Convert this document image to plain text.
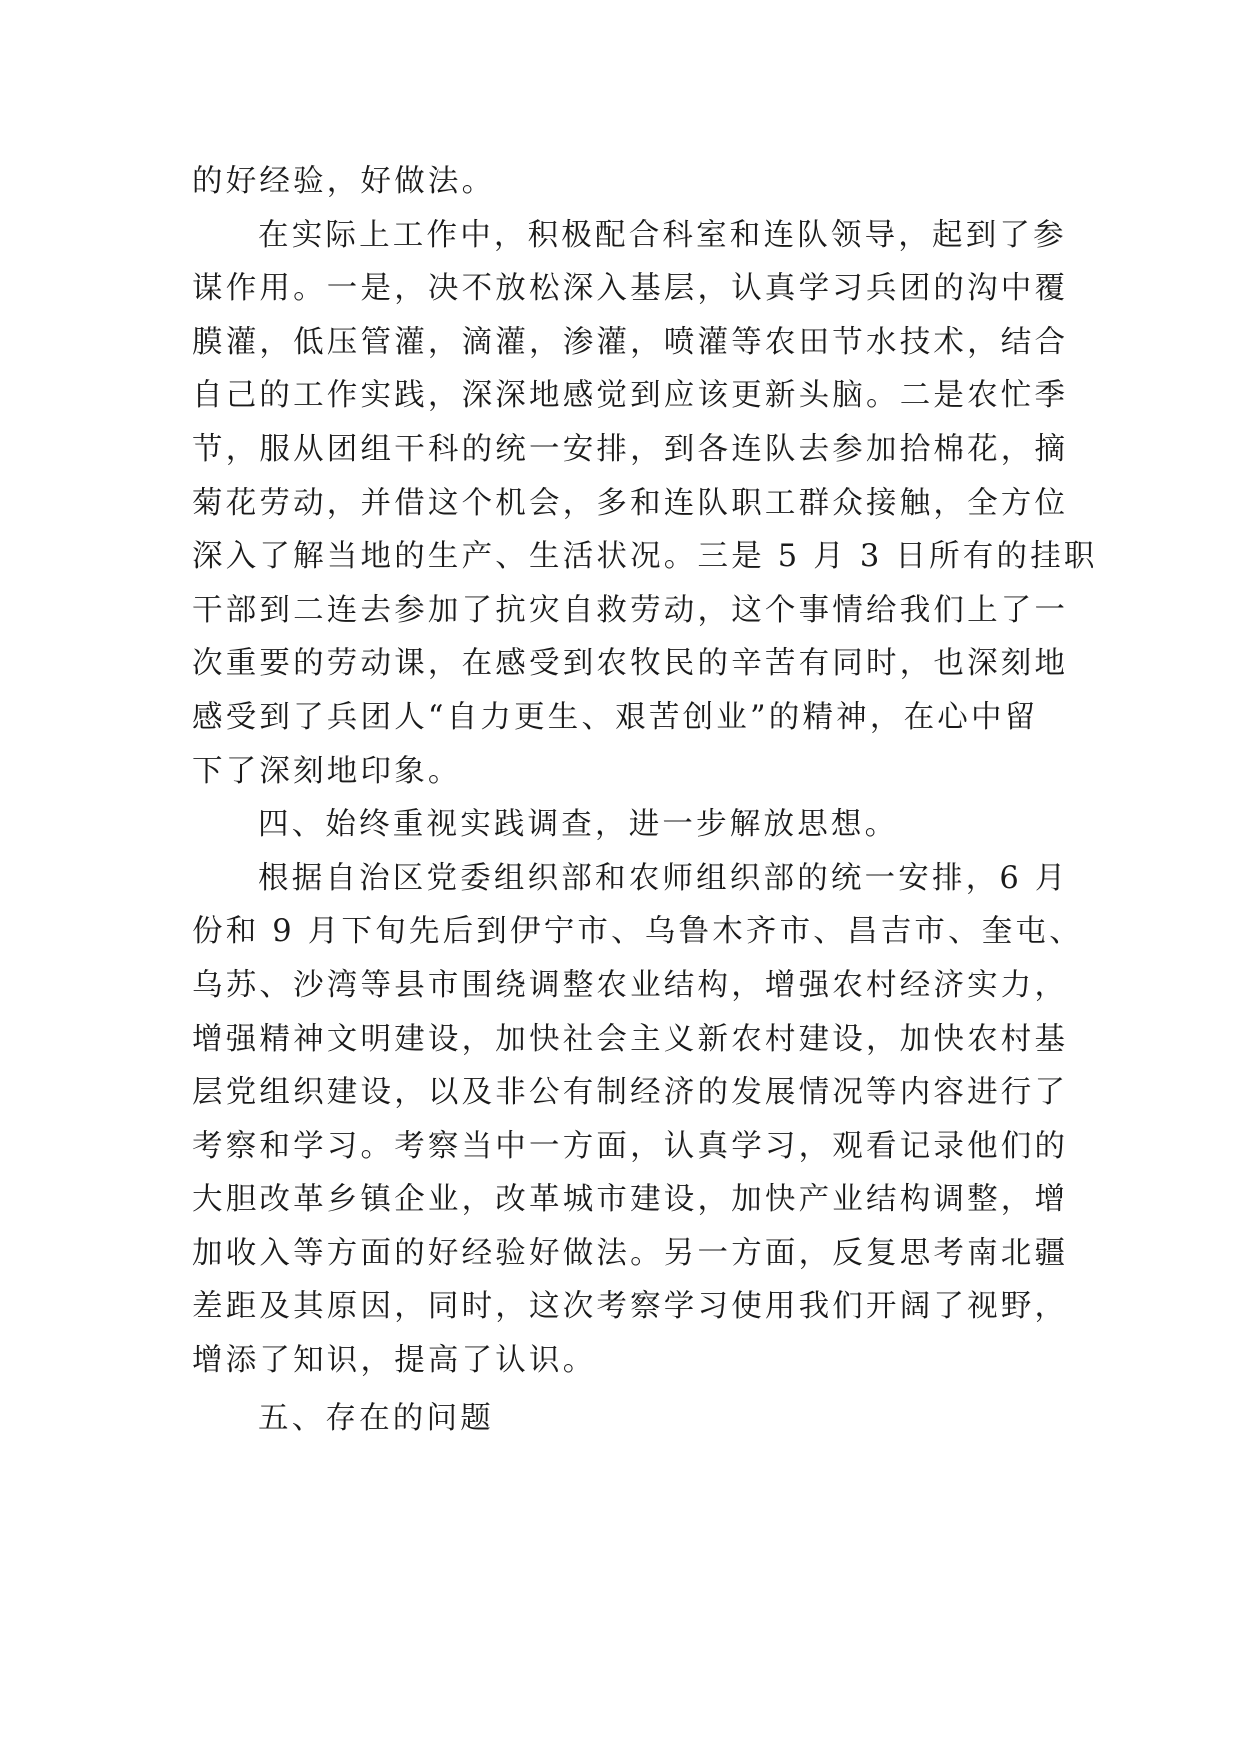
的好经验，好做法。
在实际上工作中，积极配合科室和连队领导，起到了参
谋作用。一是，决不放松深入基层，认真学习兵团的沟中覆
膜灌，低压管灌，滴灌，渗灌，喷灌等农田节水技术，结合
自己的工作实践，深深地感觉到应该更新头脑。二是农忙季
节，服从团组干科的统一安排，到各连队去参加拾棉花，摘
菊花劳动，并借这个机会，多和连队职工群众接触，全方位
深入了解当地的生产、生活状况。三是 5 月 3 日所有的挂职
干部到二连去参加了抗灾自救劳动，这个事情给我们上了一
次重要的劳动课，在感受到农牧民的辛苦有同时，也深刻地
感受到了兵团人“自力更生、艰苦创业”的精神，在心中留
下了深刻地印象。
四、始终重视实践调查，进一步解放思想。
根据自治区党委组织部和农师组织部的统一安排，6 月
份和 9 月下旬先后到伊宁市、乌鲁木齐市、昌吉市、奎屯、
乌苏、沙湾等县市围绕调整农业结构，增强农村经济实力，
增强精神文明建设，加快社会主义新农村建设，加快农村基
层党组织建设，以及非公有制经济的发展情况等内容进行了
考察和学习。考察当中一方面，认真学习，观看记录他们的
大胆改革乡镇企业，改革城市建设，加快产业结构调整，增
加收入等方面的好经验好做法。另一方面，反复思考南北疆
差距及其原因，同时，这次考察学习使用我们开阔了视野，
增添了知识，提高了认识。
五、存在的问题
